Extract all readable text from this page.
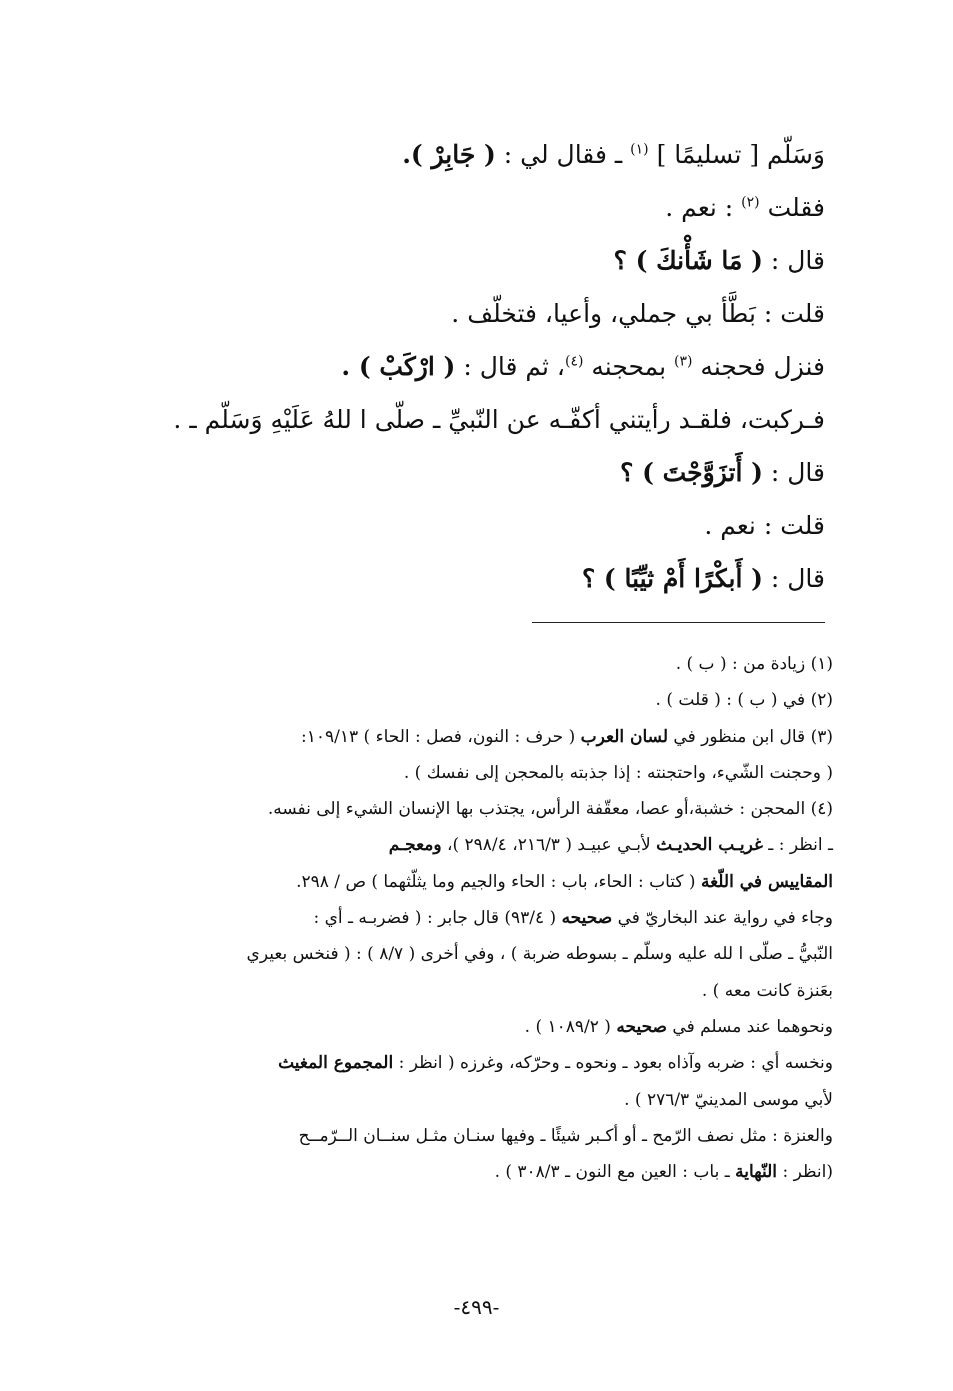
وَسَلّم [ تسليمًا ] $^{(١)}$ ـ فقال لي : ( جَابِرْ ).
فقلت $^{(٢)}$ : نعم .
قال : ( مَا شَأْنكَ ) ؟
قلت : بَطَّأ بي جملي، وأعيا، فتخلّف .
فنزل فحجنه $^{(٣)}$ بمحجنه $^{(٤)}$، ثم قال : ( ارْكَبْ ) .
فـركبت، فلقـد رأيتني أكفّـه عن النّبيِّ ـ صلّى ا للهُ عَلَيْهِ وَسَلّم ـ .
قال : ( أَتزَوَّجْتَ ) ؟
قلت : نعم .
قال : ( أَبكْرًا أَمْ ثيِّبًا ) ؟
(١) زيادة من : ( ب ) .
(٢) في ( ب ) : ( قلت ) .
(٣) قال ابن منظور في لسان العرب ( حرف : النون، فصل : الحاء ) ١٠٩/١٣:
( وحجنت الشّيء، واحتجنته : إذا جذبته بالمحجن إلى نفسك ) .
(٤) المحجن : خشبة،أو عصا، معقّفة الرأس، يجتذب بها الإنسان الشيء إلى نفسه.
ـ انظر : ـ غريـب الحديـث لأبـي عبيـد ( ٢١٦/٣، ٢٩٨/٤ )، ومعجـم
المقاييس في اللّغة ( كتاب : الحاء، باب : الحاء والجيم وما يثلّثهما ) ص / ٢٩٨.
وجاء في رواية عند البخاريّ في صحيحه ( ٩٣/٤) قال جابر : ( فضربـه ـ أي :
النّبيُّ ـ صلّى ا لله عليه وسلّم ـ بسوطه ضربة ) ، وفي أخرى ( ٨/٧ ) : ( فنخس بعيري
بعَنزة كانت معه ) .
ونحوهما عند مسلم في صحيحه ( ١٠٨٩/٢ ) .
ونخسه أي : ضربه وآذاه بعود ـ ونحوه ـ وحرّكه، وغرزه ( انظر : المجموع المغيث
لأبي موسى المدينيّ ٢٧٦/٣ ) .
والعنزة : مثل نصف الرّمح ـ أو أكـبر شيئًا ـ وفيها سنـان مثـل سنــان الــرّمــح
(انظر : النّهاية ـ باب : العين مع النون ـ ٣٠٨/٣ ) .
-٤٩٩-
